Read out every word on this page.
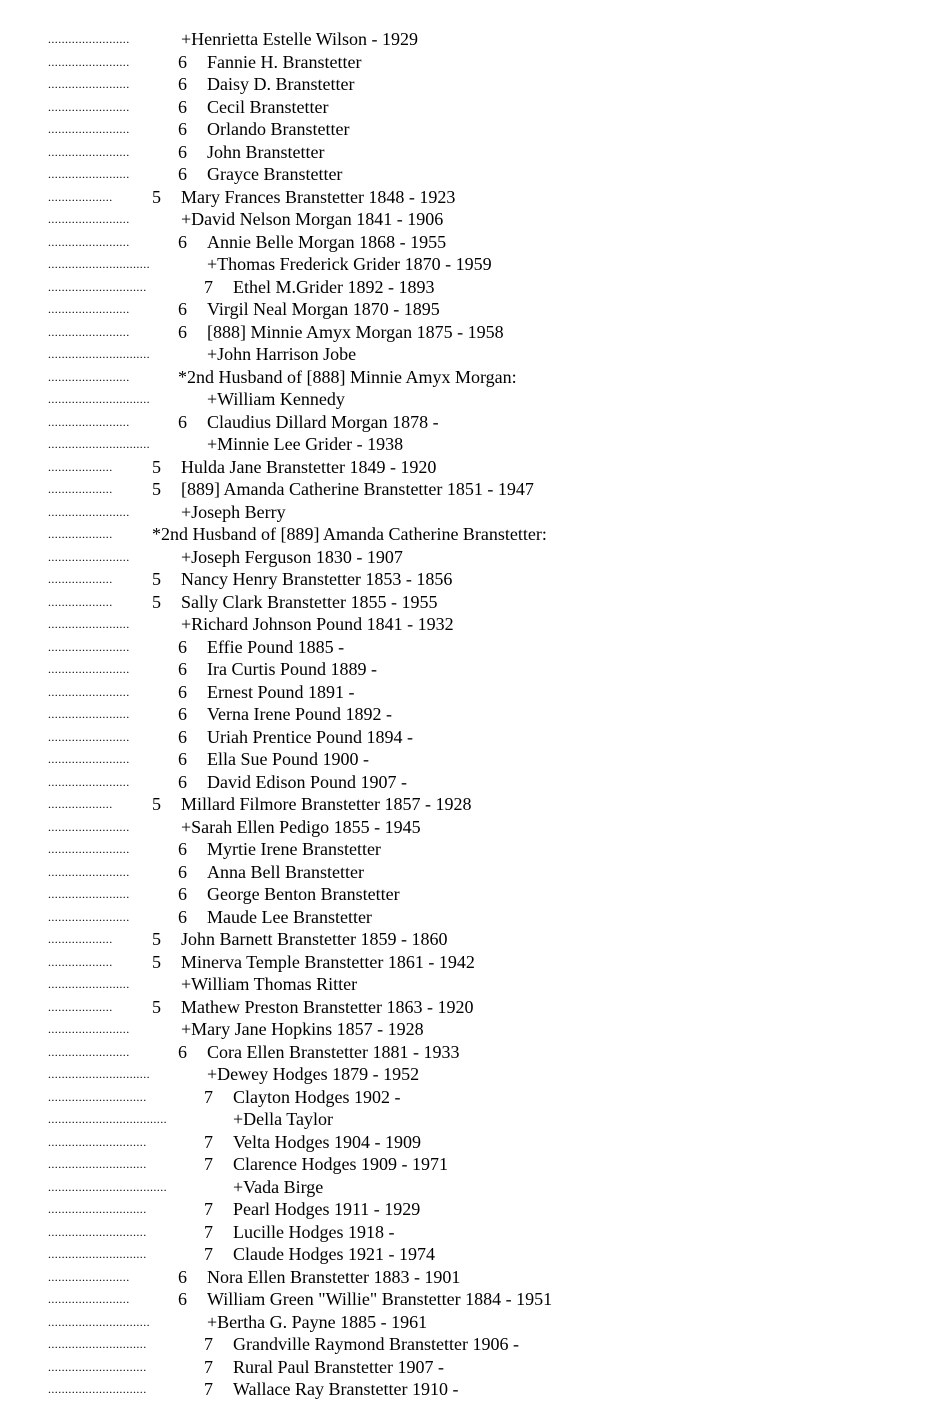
........................	+Henrietta Estelle Wilson - 1929
........................	6 Fannie H. Branstetter
........................	6 Daisy D. Branstetter
........................	6 Cecil Branstetter
........................	6 Orlando Branstetter
........................	6 John Branstetter
........................	6 Grayce Branstetter
...................	5 Mary Frances Branstetter 1848 - 1923
........................	+David Nelson Morgan 1841 - 1906
........................	6 Annie Belle Morgan 1868 - 1955
..............................	+Thomas Frederick Grider 1870 - 1959
.............................	7 Ethel M.Grider 1892 - 1893
........................	6 Virgil Neal Morgan 1870 - 1895
........................	6 [888] Minnie Amyx Morgan 1875 - 1958
..............................	+John Harrison Jobe
........................	*2nd Husband of [888] Minnie Amyx Morgan:
..............................	+William Kennedy
........................	6 Claudius Dillard Morgan 1878 -
..............................	+Minnie Lee Grider - 1938
...................	5 Hulda Jane Branstetter 1849 - 1920
...................	5 [889] Amanda Catherine Branstetter 1851 - 1947
........................	+Joseph Berry
...................	*2nd Husband of [889] Amanda Catherine Branstetter:
........................	+Joseph Ferguson 1830 - 1907
...................	5 Nancy Henry Branstetter 1853 - 1856
...................	5 Sally Clark Branstetter 1855 - 1955
........................	+Richard Johnson Pound 1841 - 1932
........................	6 Effie Pound 1885 -
........................	6 Ira Curtis Pound 1889 -
........................	6 Ernest Pound 1891 -
........................	6 Verna Irene Pound 1892 -
........................	6 Uriah Prentice Pound 1894 -
........................	6 Ella Sue Pound 1900 -
........................	6 David Edison Pound 1907 -
...................	5 Millard Filmore Branstetter 1857 - 1928
........................	+Sarah Ellen Pedigo 1855 - 1945
........................	6 Myrtie Irene Branstetter
........................	6 Anna Bell Branstetter
........................	6 George Benton Branstetter
........................	6 Maude Lee Branstetter
...................	5 John Barnett Branstetter 1859 - 1860
...................	5 Minerva Temple Branstetter 1861 - 1942
........................	+William Thomas Ritter
...................	5 Mathew Preston Branstetter 1863 - 1920
........................	+Mary Jane Hopkins 1857 - 1928
........................	6 Cora Ellen Branstetter 1881 - 1933
..............................	+Dewey Hodges 1879 - 1952
.............................	7 Clayton Hodges 1902 -
...................................	+Della Taylor
.............................	7 Velta Hodges 1904 - 1909
.............................	7 Clarence Hodges 1909 - 1971
...................................	+Vada Birge
.............................	7 Pearl Hodges 1911 - 1929
.............................	7 Lucille Hodges 1918 -
.............................	7 Claude Hodges 1921 - 1974
........................	6 Nora Ellen Branstetter 1883 - 1901
........................	6 William Green "Willie" Branstetter 1884 - 1951
..............................	+Bertha G. Payne 1885 - 1961
.............................	7 Grandville Raymond Branstetter 1906 -
.............................	7 Rural Paul Branstetter 1907 -
.............................	7 Wallace Ray Branstetter 1910 -
